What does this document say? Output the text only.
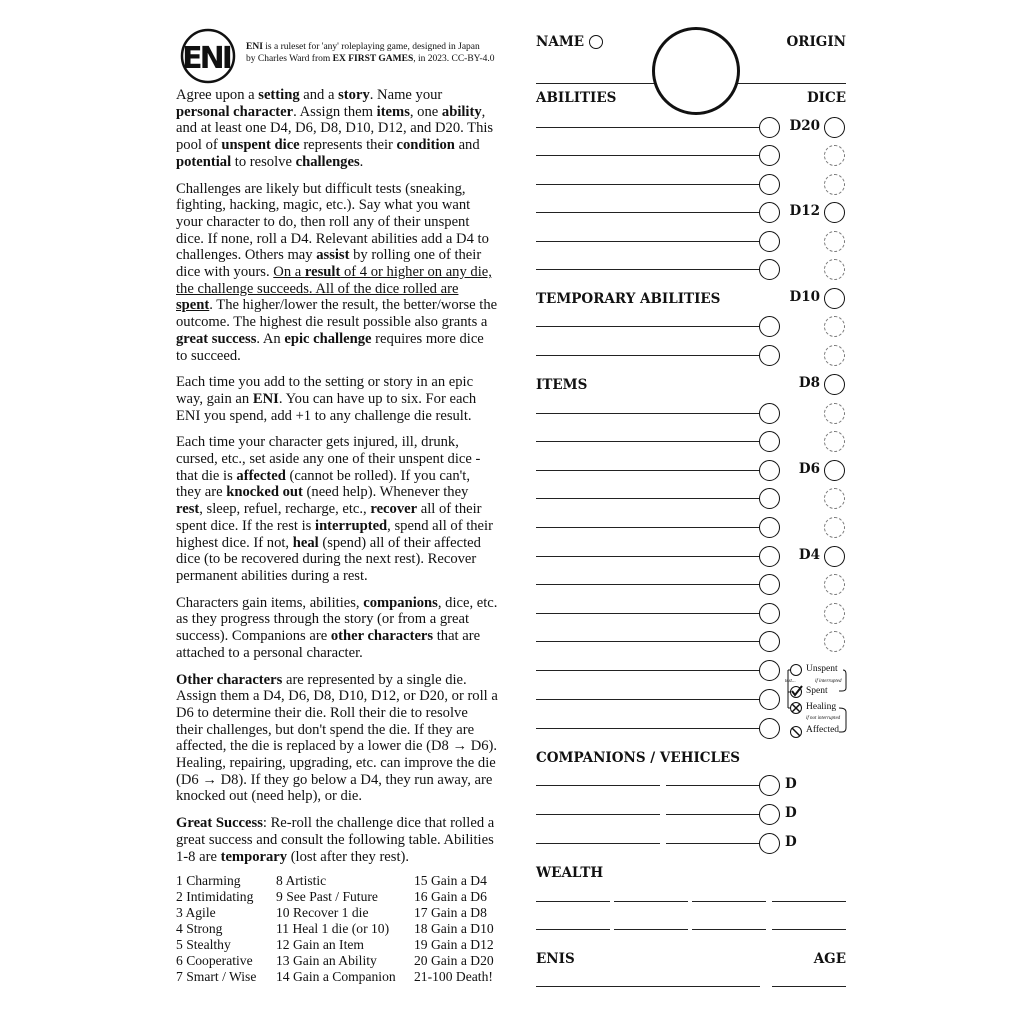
ENI ENI is a ruleset for 'any' roleplaying game, designed in Japan
by Charles Ward from EX FIRST GAMES, in 2023. CC-BY-4.0

Agree upon a setting and a story. Name your personal character. Assign them items, one ability, and at least one D4, D6, D8, D10, D12, and D20. This pool of unspent dice represents their condition and potential to resolve challenges.

Challenges are likely but difficult tests (sneaking, fighting, hacking, magic, etc.). Say what you want your character to do, then roll any of their unspent dice. If none, roll a D4. Relevant abilities add a D4 to challenges. Others may assist by rolling one of their dice with yours. On a result of 4 or higher on any die, the challenge succeeds. All of the dice rolled are spent. The higher/lower the result, the better/worse the outcome. The highest die result possible also grants a great success. An epic challenge requires more dice to succeed.

Each time you add to the setting or story in an epic way, gain an ENI. You can have up to six. For each ENI you spend, add +1 to any challenge die result.

Each time your character gets injured, ill, drunk, cursed, etc., set aside any one of their unspent dice - that die is affected (cannot be rolled). If you can't, they are knocked out (need help). Whenever they rest, sleep, refuel, recharge, etc., recover all of their spent dice. If the rest is interrupted, spend all of their highest dice. If not, heal (spend) all of their affected dice (to be recovered during the next rest). Recover permanent abilities during a rest.

Characters gain items, abilities, companions, dice, etc. as they progress through the story (or from a great success). Companions are other characters that are attached to a personal character.

Other characters are represented by a single die. Assign them a D4, D6, D8, D10, D12, or D20, or roll a D6 to determine their die. Roll their die to resolve their challenges, but don't spend the die. If they are affected, the die is replaced by a lower die (D8 → D6). Healing, repairing, upgrading, etc. can improve the die (D6 → D8). If they go below a D4, they run away, are knocked out (need help), or die.

Great Success: Re-roll the challenge dice that rolled a great success and consult the following table. Abilities 1-8 are temporary (lost after they rest).

1 Charming	8 Artistic	15 Gain a D4
2 Intimidating	9 See Past / Future	16 Gain a D6
3 Agile	10 Recover 1 die	17 Gain a D8
4 Strong	11 Heal 1 die (or 10)	18 Gain a D10
5 Stealthy	12 Gain an Item	19 Gain a D12
6 Cooperative	13 Gain an Ability	20 Gain a D20
7 Smart / Wise	14 Gain a Companion	21-100 Death!
NAME	ORIGIN
ABILITIES	DICE
TEMPORARY ABILITIES
ITEMS
COMPANIONS / VEHICLES
WEALTH
ENIS	AGE
Unspent
Spent
Healing
Affected
test...	if interrupted
if not interrupted
D20
D12
D10
D8
D6
D4
D
D
D
